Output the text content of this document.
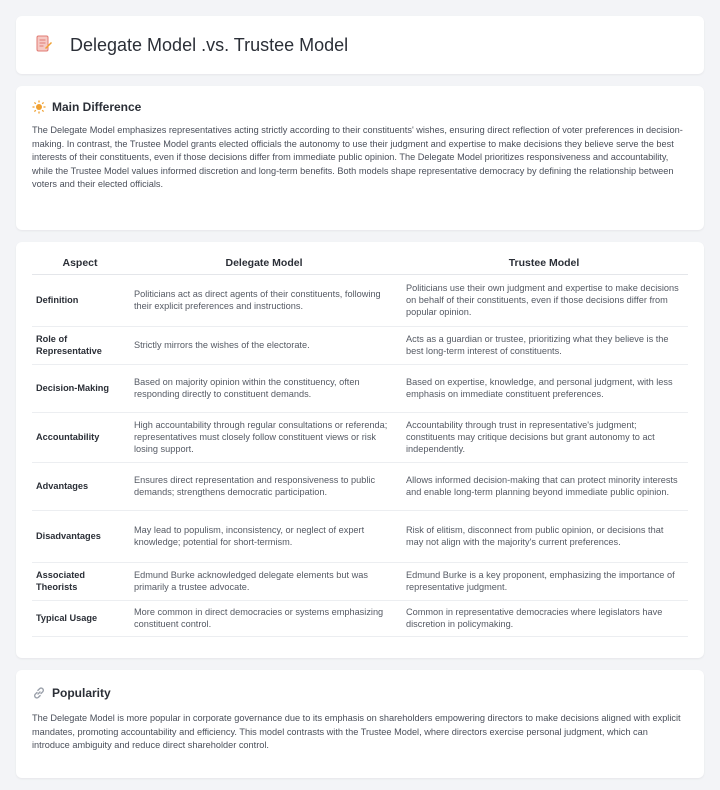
Delegate Model .vs. Trustee Model
Main Difference

The Delegate Model emphasizes representatives acting strictly according to their constituents' wishes, ensuring direct reflection of voter preferences in decision-making. In contrast, the Trustee Model grants elected officials the autonomy to use their judgment and expertise to make decisions they believe serve the best interests of their constituents, even if those decisions differ from immediate public opinion. The Delegate Model prioritizes responsiveness and accountability, while the Trustee Model values informed discretion and long-term benefits. Both models shape representative democracy by defining the relationship between voters and their elected officials.

Aspect	Delegate Model	Trustee Model
Definition	Politicians act as direct agents of their constituents, following their explicit preferences and instructions.	Politicians use their own judgment and expertise to make decisions on behalf of their constituents, even if those decisions differ from popular opinion.
Role of Representative	Strictly mirrors the wishes of the electorate.	Acts as a guardian or trustee, prioritizing what they believe is the best long-term interest of constituents.
Decision-Making	Based on majority opinion within the constituency, often responding directly to constituent demands.	Based on expertise, knowledge, and personal judgment, with less emphasis on immediate constituent preferences.
Accountability	High accountability through regular consultations or referenda; representatives must closely follow constituent views or risk losing support.	Accountability through trust in representative's judgment; constituents may critique decisions but grant autonomy to act independently.
Advantages	Ensures direct representation and responsiveness to public demands; strengthens democratic participation.	Allows informed decision-making that can protect minority interests and enable long-term planning beyond immediate public opinion.
Disadvantages	May lead to populism, inconsistency, or neglect of expert knowledge; potential for short-termism.	Risk of elitism, disconnect from public opinion, or decisions that may not align with the majority's current preferences.
Associated Theorists	Edmund Burke acknowledged delegate elements but was primarily a trustee advocate.	Edmund Burke is a key proponent, emphasizing the importance of representative judgment.
Typical Usage	More common in direct democracies or systems emphasizing constituent control.	Common in representative democracies where legislators have discretion in policymaking.
Popularity

The Delegate Model is more popular in corporate governance due to its emphasis on shareholders empowering directors to make decisions aligned with explicit mandates, promoting accountability and efficiency. This model contrasts with the Trustee Model, where directors exercise personal judgment, which can introduce ambiguity and reduce direct shareholder control.
